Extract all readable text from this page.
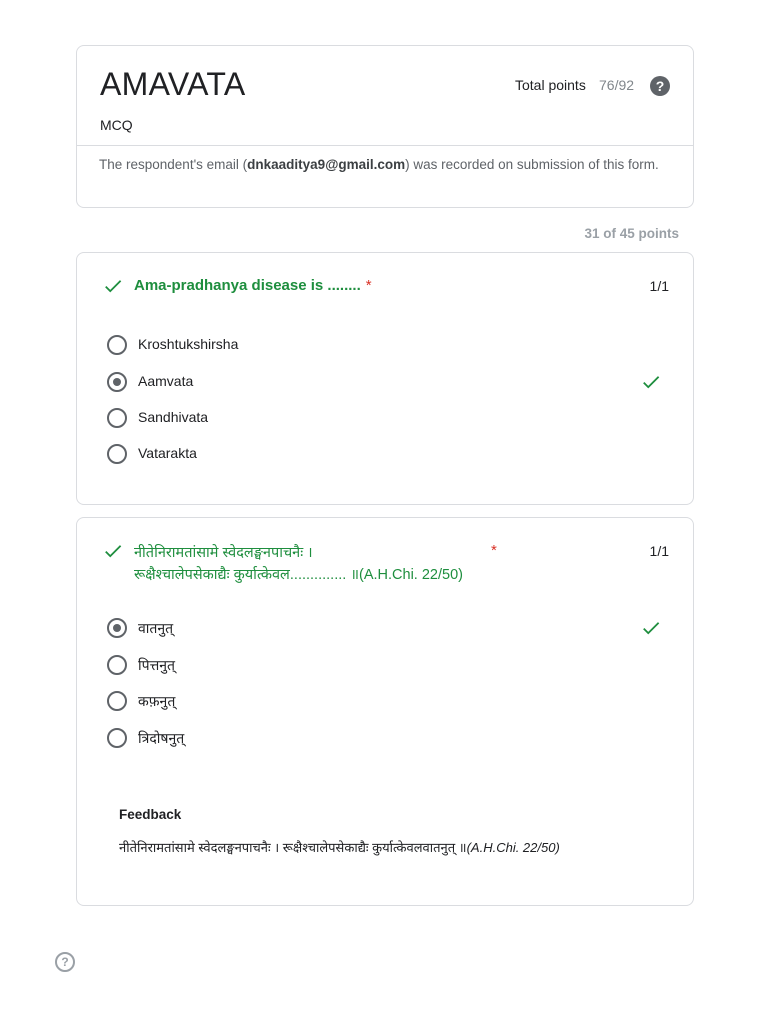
AMAVATA
MCQ
Total points 76/92	?
The respondent's email (dnkaaditya9@gmail.com) was recorded on submission of this form.
31 of 45 points
Ama-pradhanya disease is ........ *	1/1
Kroshtukshirsha
Aamvata
Sandhivata
Vatarakta
नीतेनिरामतांसामे स्वेदलङ्घनपाचनैः ।
रूक्षैश्चालेपसेकाद्यैः कुर्यात्केवल.............. ॥(A.H.Chi. 22/50)
*	1/1
वातनुत्
पित्तनुत्
कफ़नुत्
त्रिदोषनुत्
Feedback
नीतेनिरामतांसामे स्वेदलङ्घनपाचनैः । रूक्षैश्चालेपसेकाद्यैः कुर्यात्केवलवातनुत् ॥(A.H.Chi. 22/50)
?
